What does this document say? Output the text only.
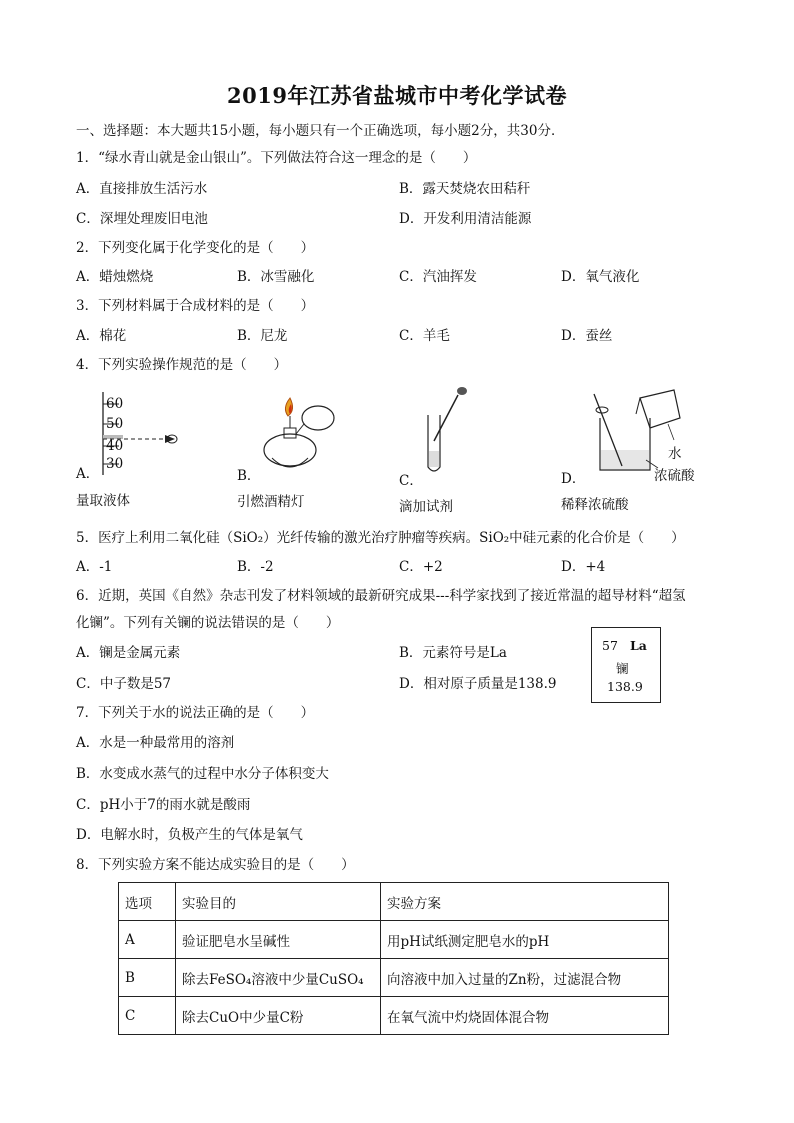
2019年江苏省盐城市中考化学试卷
一、选择题：本大题共15小题，每小题只有一个正确选项，每小题2分，共30分．
1．“绿水青山就是金山银山”。下列做法符合这一理念的是（　　）
A．直接排放生活污水	B．露天焚烧农田秸秆
C．深埋处理废旧电池	D．开发利用清洁能源
2．下列变化属于化学变化的是（　　）
A．蜡烛燃烧	B．冰雪融化	C．汽油挥发	D．氧气液化
3．下列材料属于合成材料的是（　　）
A．棉花	B．尼龙	C．羊毛	D．蚕丝
4．下列实验操作规范的是（　　）
60
50
40
30
A．
量取液体
B．
引燃酒精灯
C．
滴加试剂
水
浓硫酸
D．
稀释浓硫酸
5．医疗上利用二氧化硅（SiO₂）光纤传输的激光治疗肿瘤等疾病。SiO₂中硅元素的化合价是（　　）
A．-1	B．-2	C．+2	D．+4
6．近期，英国《自然》杂志刊发了材料领域的最新研究成果---科学家找到了接近常温的超导材料“超氢
化镧”。下列有关镧的说法错误的是（　　）
A．镧是金属元素	B．元素符号是La
C．中子数是57	D．相对原子质量是138.9
57 La
镧
138.9
7．下列关于水的说法正确的是（　　）
A．水是一种最常用的溶剂
B．水变成水蒸气的过程中水分子体积变大
C．pH小于7的雨水就是酸雨
D．电解水时，负极产生的气体是氧气
8．下列实验方案不能达成实验目的是（　　）
选项	实验目的	实验方案
A	验证肥皂水呈碱性	用pH试纸测定肥皂水的pH
B	除去FeSO₄溶液中少量CuSO₄	向溶液中加入过量的Zn粉，过滤混合物
C	除去CuO中少量C粉	在氧气流中灼烧固体混合物
